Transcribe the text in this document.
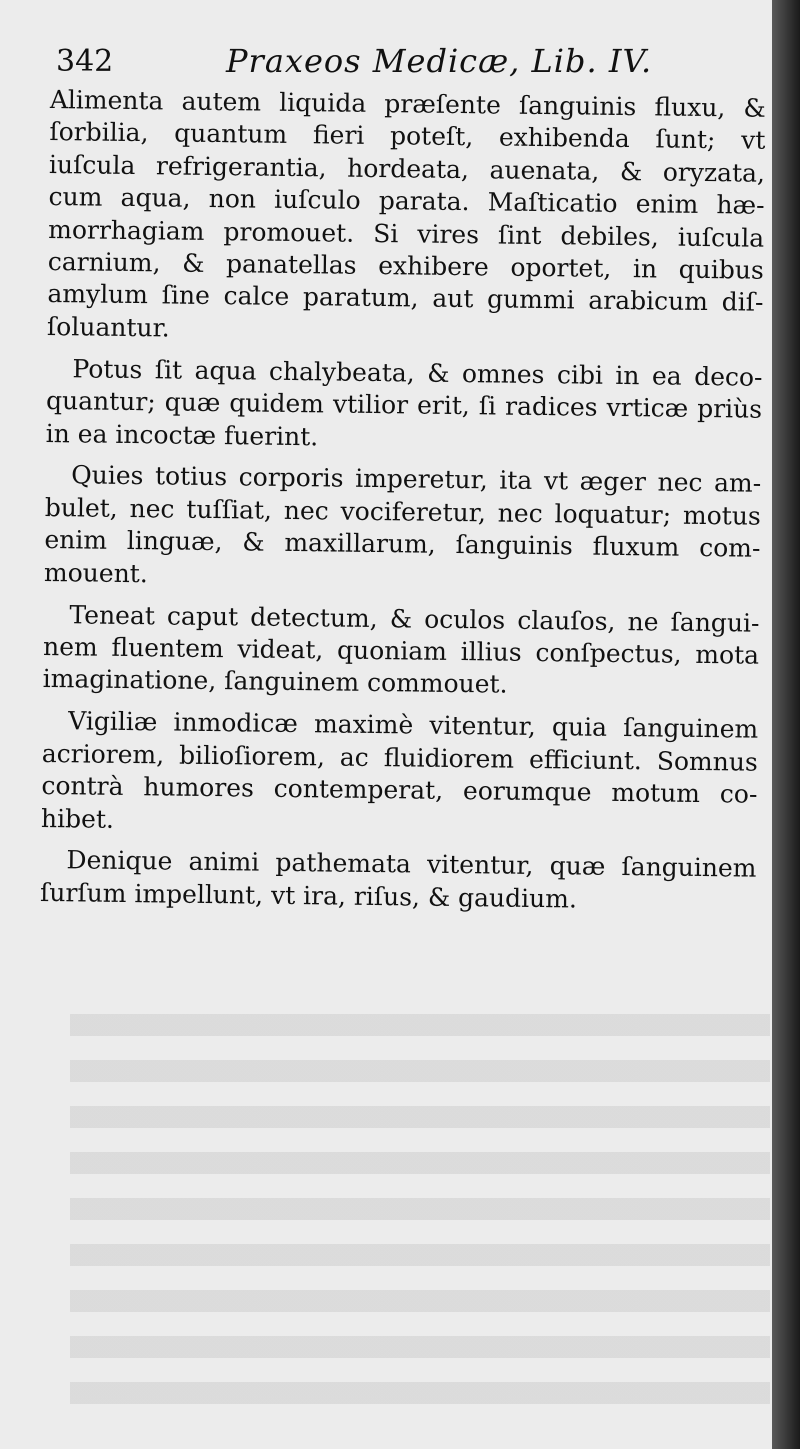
342	Praxeos Medicæ, Lib. IV.
Alimenta autem liquida præſente ſanguinis fluxu, &
ſorbilia, quantum fieri poteſt, exhibenda ſunt; vt
iuſcula refrigerantia, hordeata, auenata, & oryzata,
cum aqua, non iuſculo parata. Maſticatio enim hæ-
morrhagiam promouet. Si vires ſint debiles, iuſcula
carnium, & panatellas exhibere oportet, in quibus
amylum ſine calce paratum, aut gummi arabicum diſ-
ſoluantur.
Potus ſit aqua chalybeata, & omnes cibi in ea deco-
quantur; quæ quidem vtilior erit, ſi radices vrticæ priùs
in ea incoctæ fuerint.
Quies totius corporis imperetur, ita vt æger nec am-
bulet, nec tuſſiat, nec vociferetur, nec loquatur; motus
enim linguæ, & maxillarum, ſanguinis fluxum com-
mouent.
Teneat caput detectum, & oculos clauſos, ne ſangui-
nem fluentem videat, quoniam illius conſpectus, mota
imaginatione, ſanguinem commouet.
Vigiliæ inmodicæ maximè vitentur, quia ſanguinem
acriorem, bilioſiorem, ac fluidiorem efficiunt. Somnus
contrà humores contemperat, eorumque motum co-
hibet.
Denique animi pathemata vitentur, quæ ſanguinem
ſurſum impellunt, vt ira, riſus, & gaudium.
